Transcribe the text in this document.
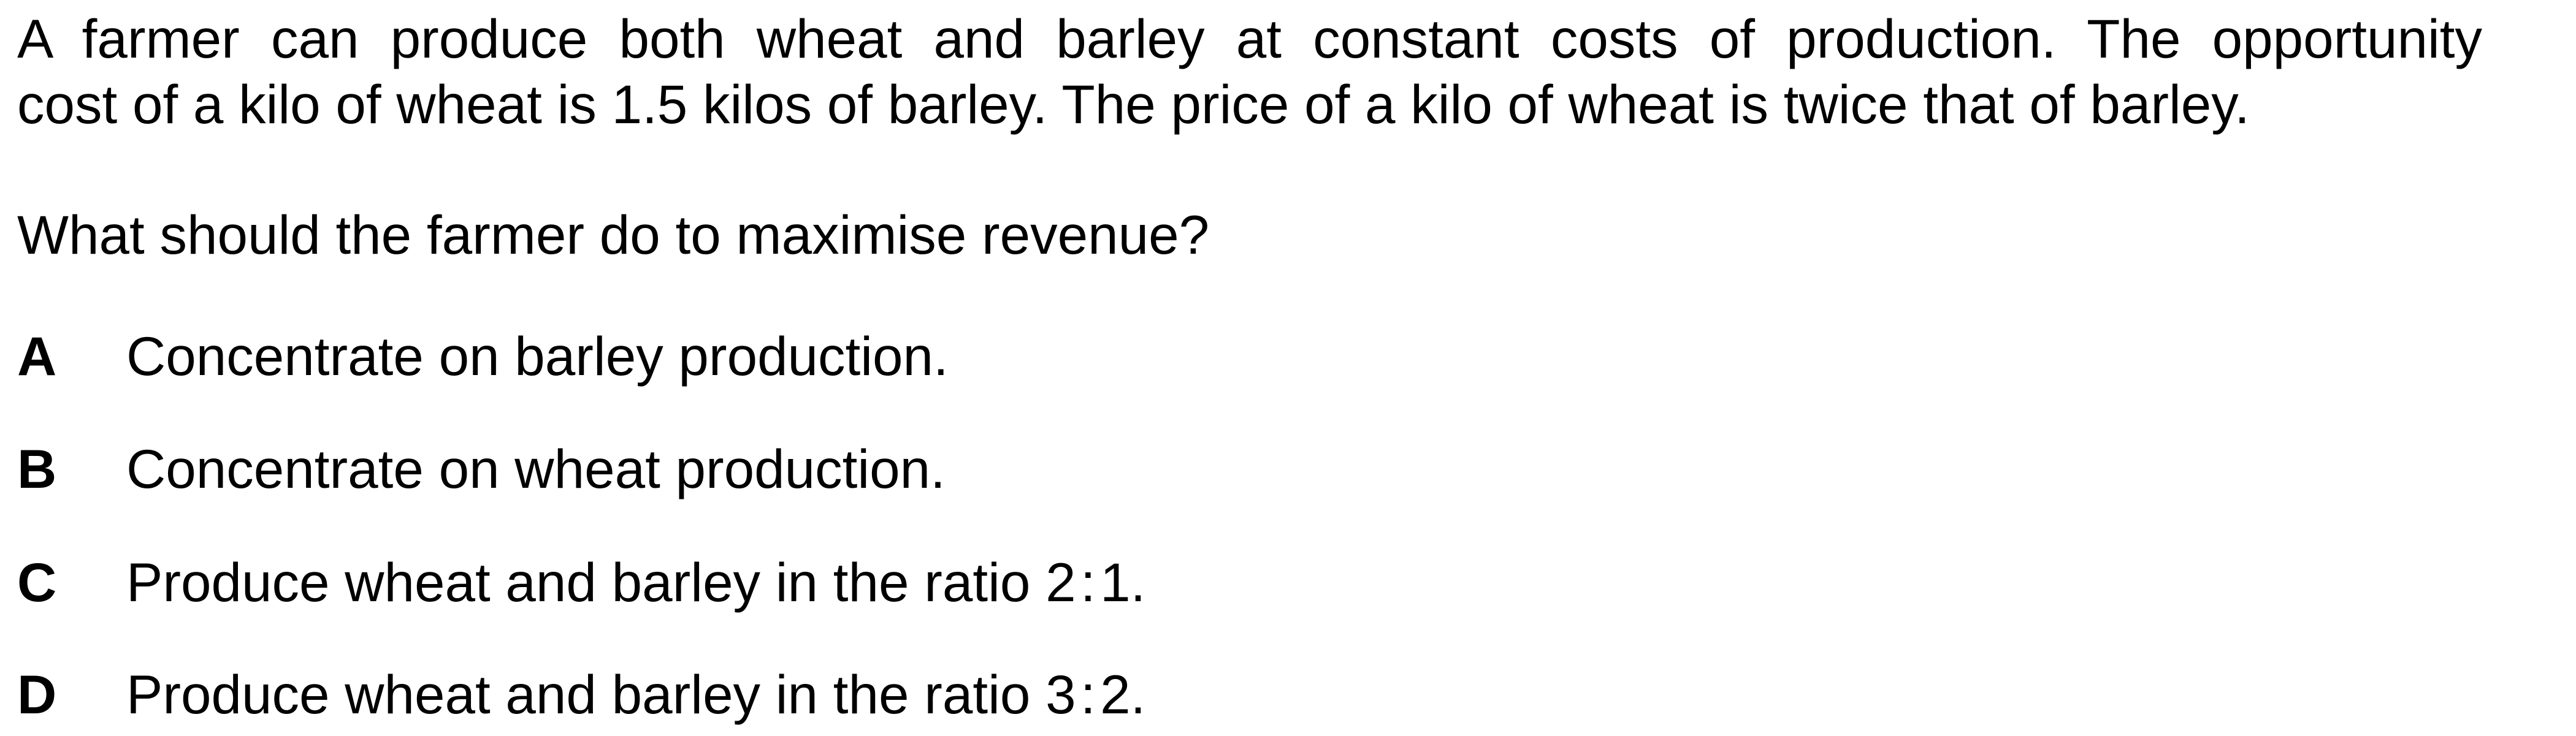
A farmer can produce both wheat and barley at constant costs of production. The opportunity
cost of a kilo of wheat is 1.5 kilos of barley. The price of a kilo of wheat is twice that of barley.

What should the farmer do to maximise revenue?

A	Concentrate on barley production.
B	Concentrate on wheat production.
C	Produce wheat and barley in the ratio 2 : 1.
D	Produce wheat and barley in the ratio 3 : 2.
